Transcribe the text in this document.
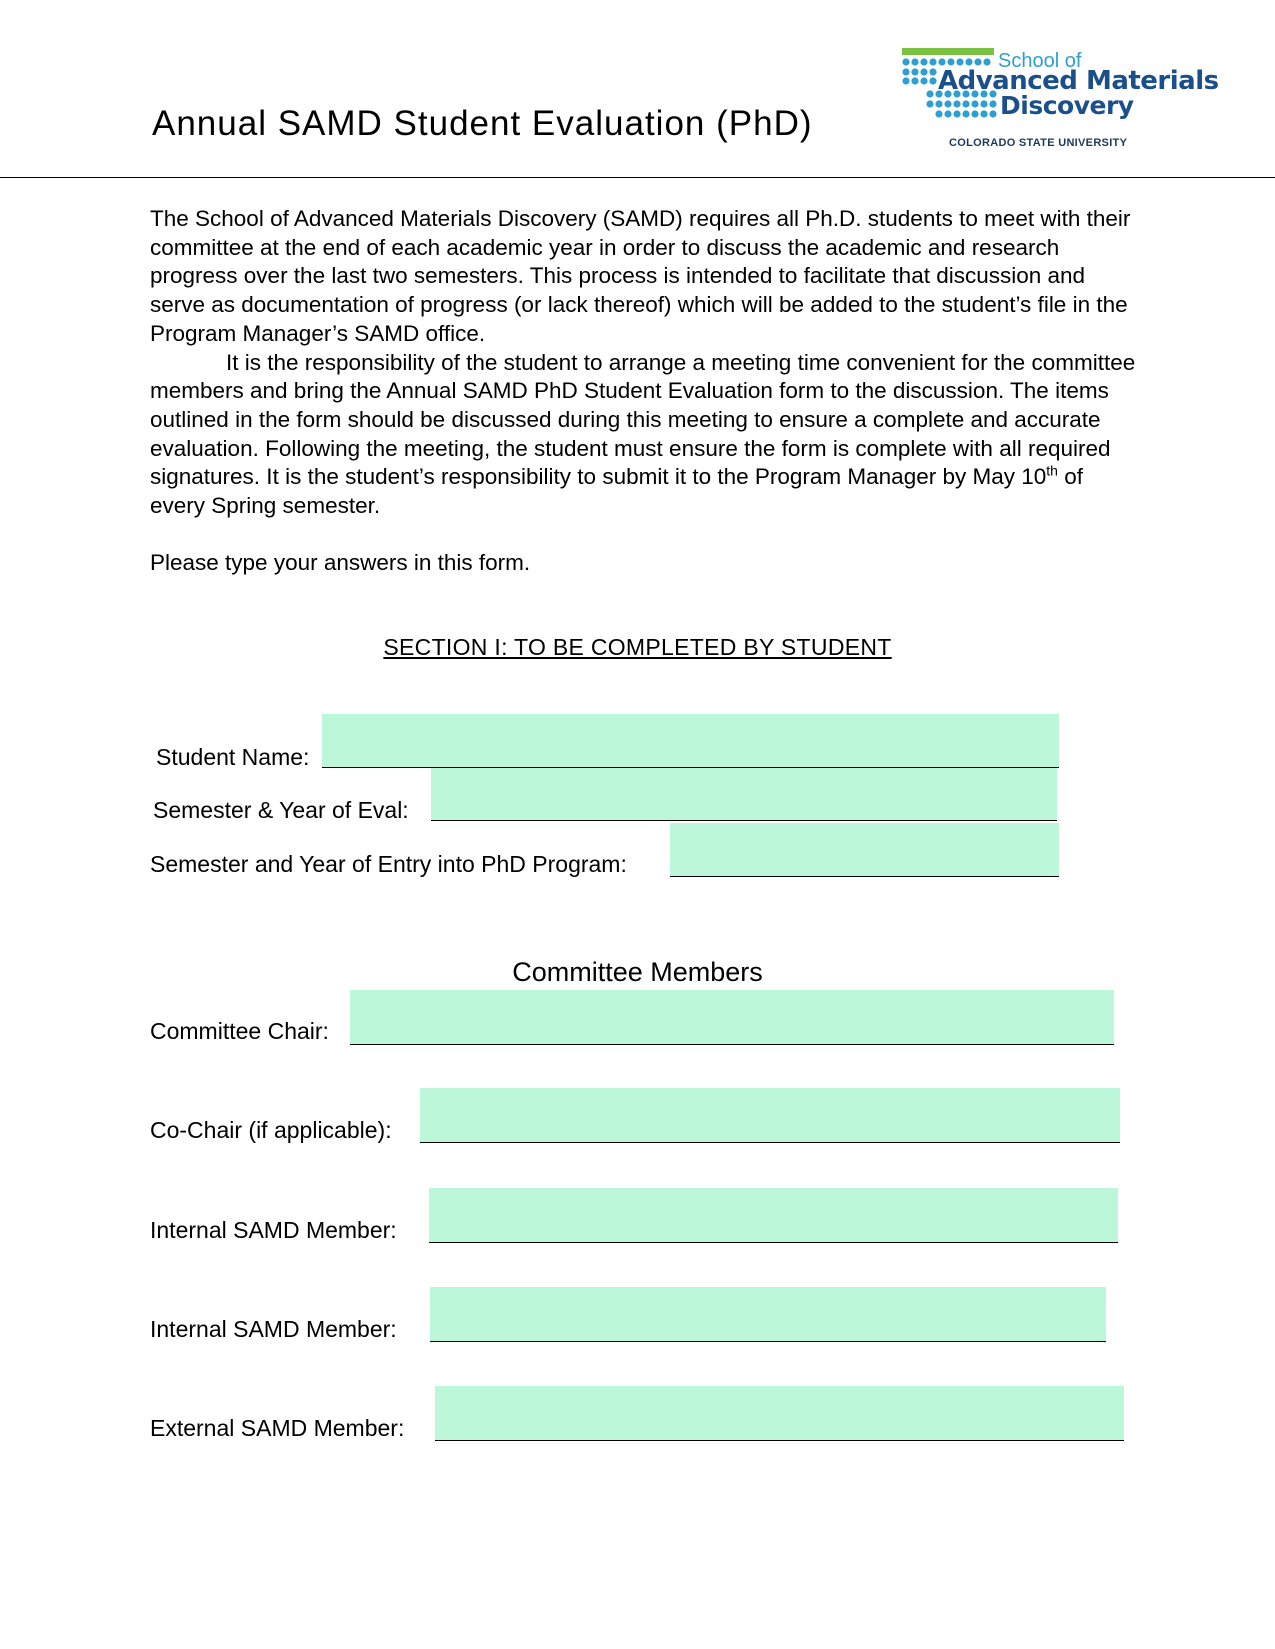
Annual SAMD Student Evaluation (PhD)
School of
Advanced Materials
Discovery
COLORADO STATE UNIVERSITY

The School of Advanced Materials Discovery (SAMD) requires all Ph.D. students to meet with their committee at the end of each academic year in order to discuss the academic and research progress over the last two semesters. This process is intended to facilitate that discussion and serve as documentation of progress (or lack thereof) which will be added to the student’s file in the Program Manager’s SAMD office.

It is the responsibility of the student to arrange a meeting time convenient for the committee members and bring the Annual SAMD PhD Student Evaluation form to the discussion. The items outlined in the form should be discussed during this meeting to ensure a complete and accurate evaluation. Following the meeting, the student must ensure the form is complete with all required signatures. It is the student’s responsibility to submit it to the Program Manager by May 10th of every Spring semester.

Please type your answers in this form.

SECTION I: TO BE COMPLETED BY STUDENT
Student Name:
Semester & Year of Eval:
Semester and Year of Entry into PhD Program:
Committee Members
Committee Chair:
Co-Chair (if applicable):
Internal SAMD Member:
Internal SAMD Member:
External SAMD Member:
